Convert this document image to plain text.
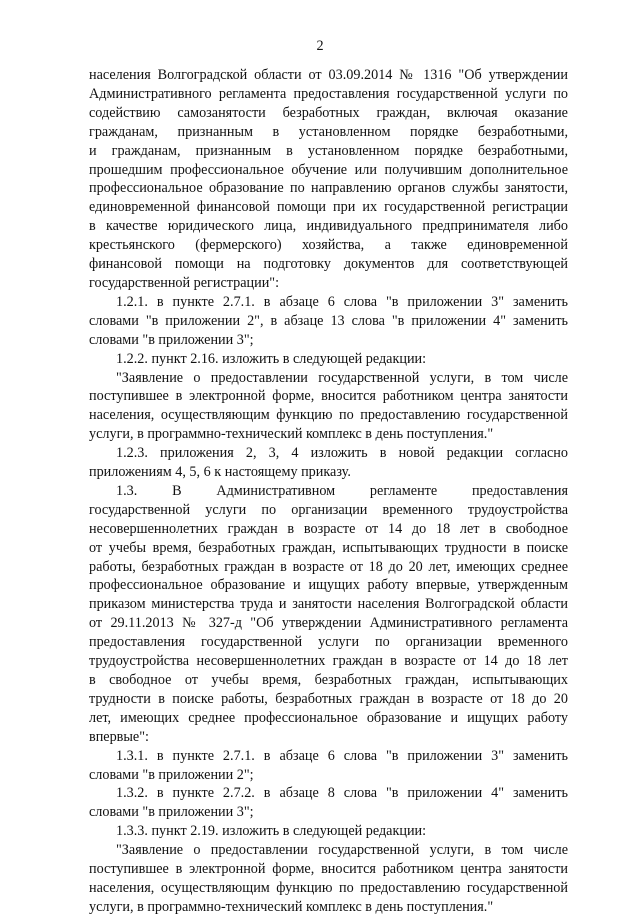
2
населения Волгоградской области от 03.09.2014 № 1316 "Об утверждении
Административного регламента предоставления государственной услуги по
содействию самозанятости безработных граждан, включая оказание
гражданам, признанным в установленном порядке безработными,
и гражданам, признанным в установленном порядке безработными,
прошедшим профессиональное обучение или получившим дополнительное
профессиональное образование по направлению органов службы занятости,
единовременной финансовой помощи при их государственной регистрации
в качестве юридического лица, индивидуального предпринимателя либо
крестьянского (фермерского) хозяйства, а также единовременной
финансовой помощи на подготовку документов для соответствующей
государственной регистрации":
1.2.1. в пункте 2.7.1. в абзаце 6 слова "в приложении 3" заменить
словами "в приложении 2", в абзаце 13 слова "в приложении 4" заменить
словами "в приложении 3";
1.2.2. пункт 2.16. изложить в следующей редакции:
"Заявление о предоставлении государственной услуги, в том числе
поступившее в электронной форме, вносится работником центра занятости
населения, осуществляющим функцию по предоставлению государственной
услуги, в программно-технический комплекс в день поступления."
1.2.3. приложения 2, 3, 4 изложить в новой редакции согласно
приложениям 4, 5, 6 к настоящему приказу.
1.3. В Административном регламенте предоставления
государственной услуги по организации временного трудоустройства
несовершеннолетних граждан в возрасте от 14 до 18 лет в свободное
от учебы время, безработных граждан, испытывающих трудности в поиске
работы, безработных граждан в возрасте от 18 до 20 лет, имеющих среднее
профессиональное образование и ищущих работу впервые, утвержденным
приказом министерства труда и занятости населения Волгоградской области
от 29.11.2013 № 327-д "Об утверждении Административного регламента
предоставления государственной услуги по организации временного
трудоустройства несовершеннолетних граждан в возрасте от 14 до 18 лет
в свободное от учебы время, безработных граждан, испытывающих
трудности в поиске работы, безработных граждан в возрасте от 18 до 20
лет, имеющих среднее профессиональное образование и ищущих работу
впервые":
1.3.1. в пункте 2.7.1. в абзаце 6 слова "в приложении 3" заменить
словами "в приложении 2";
1.3.2. в пункте 2.7.2. в абзаце 8 слова "в приложении 4" заменить
словами "в приложении 3";
1.3.3. пункт 2.19. изложить в следующей редакции:
"Заявление о предоставлении государственной услуги, в том числе
поступившее в электронной форме, вносится работником центра занятости
населения, осуществляющим функцию по предоставлению государственной
услуги, в программно-технический комплекс в день поступления."
